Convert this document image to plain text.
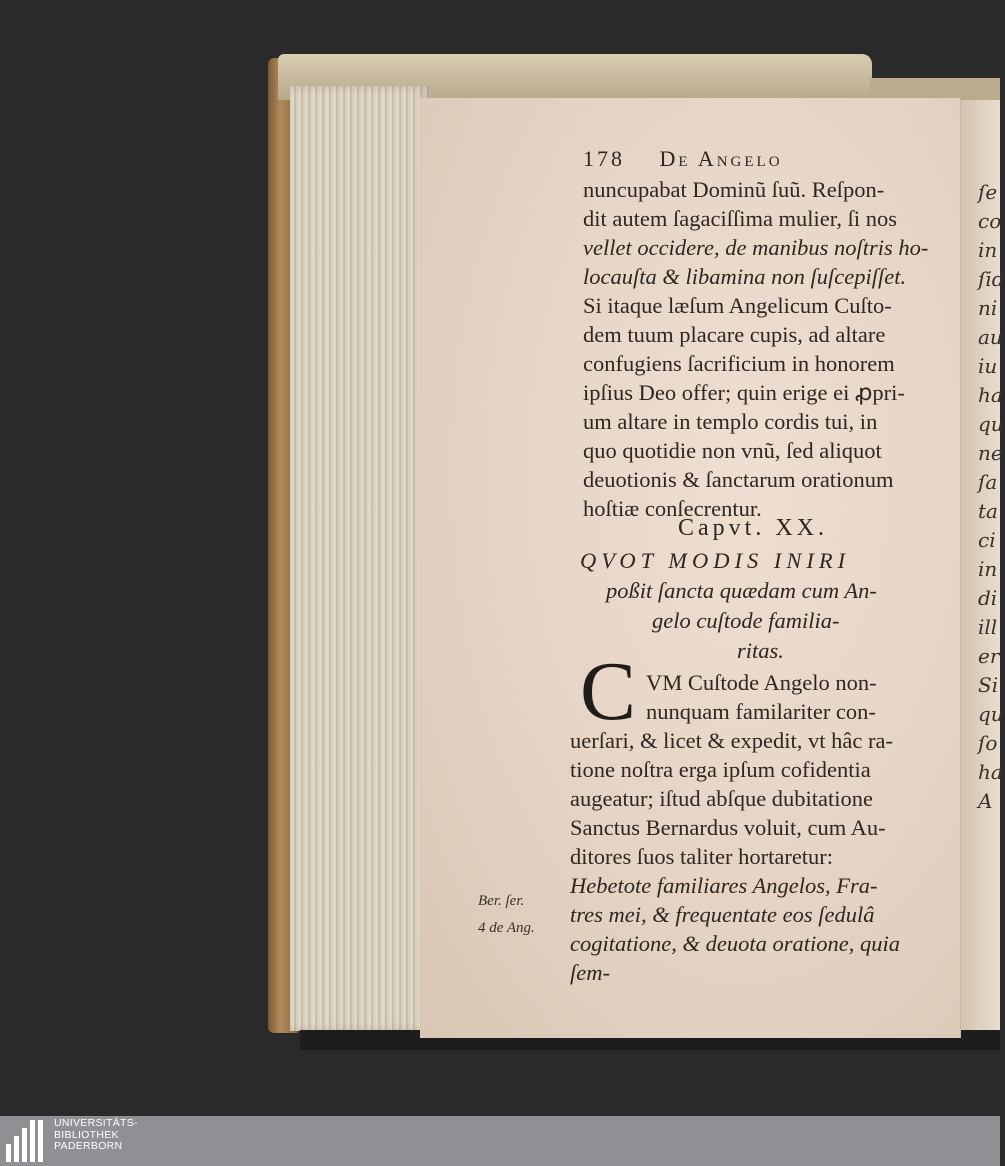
ſe
co
in
ſid
ni
au
iu
ha
qu
ne
ſa
ta
ci
in
di
ill
er
Si
qu
ſo
ha
A
178 De Angelo
nuncupabat Dominũ ſuũ. Reſpon-
dit autem ſagaciſſima mulier, ſi nos
vellet occidere, de manibus noſtris ho-
locauſta & libamina non ſuſcepiſſet.
Si itaque læſum Angelicum Cuſto-
dem tuum placare cupis, ad altare
confugiens ſacrificium in honorem
ipſius Deo offer; quin erige ei ꝓpri-
um altare in templo cordis tui, in
quo quotidie non vnũ, ſed aliquot
deuotionis & ſanctarum orationum
hoſtiæ conſecrentur.
Capvt. XX.
QVOT MODIS INIRI
poßit ſancta quædam cum An-
gelo cuſtode familia-
ritas.
C VM Cuſtode Angelo non-
nunquam familariter con-
uerſari, & licet & expedit, vt hâc ra-
tione noſtra erga ipſum cofidentia
augeatur; iſtud abſque dubitatione
Sanctus Bernardus voluit, cum Au-
ditores ſuos taliter hortaretur:
Hebetote familiares Angelos, Fra-
tres mei, & frequentate eos ſedulâ
cogitatione, & deuota oratione, quia
ſem-
Ber. ſer.
4 de Ang.
UNIVERSITÄTS-
BIBLIOTHEK
PADERBORN
